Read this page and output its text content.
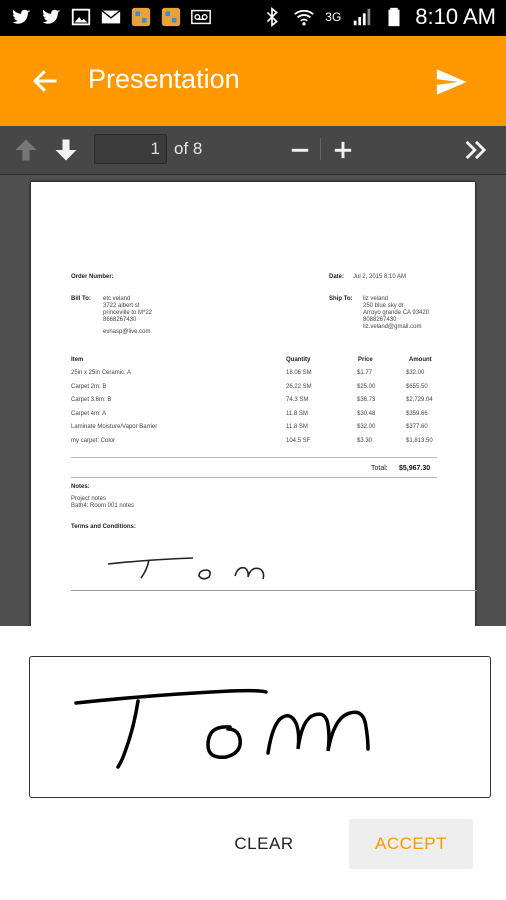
3G	8:10 AM
Presentation
1 of 8
Order Number:	Date: Jul 2, 2015 8:10 AM
Bill To: etc veland
3722 albert st
princeville to M*22
8668267430
evnasp@live.com
Ship To: liz veland
250 blue sky dr
Arroyo grande CA 93420
8088267430
liz.veland@gmail.com
Item	Quantity	Price	Amount
25in x 25in Ceramic: A	18.06 SM	$1.77	$32.00
Carpet 2m: B	26.22 SM	$25.00	$655.50
Carpet 3.6m: B	74.3 SM	$36.73	$2,729.04
Carpet 4m: A	11.8 SM	$30.48	$359.66
Laminate Moisture/Vapor Barrier	11.8 SM	$32.00	$377.60
my carpet: Color	104.5 SF	$3.30	$1,813.50
Total: $5,967.30
Notes:
Project notes
Bath4: Room 001 notes
Terms and Conditions:
CLEAR	ACCEPT
